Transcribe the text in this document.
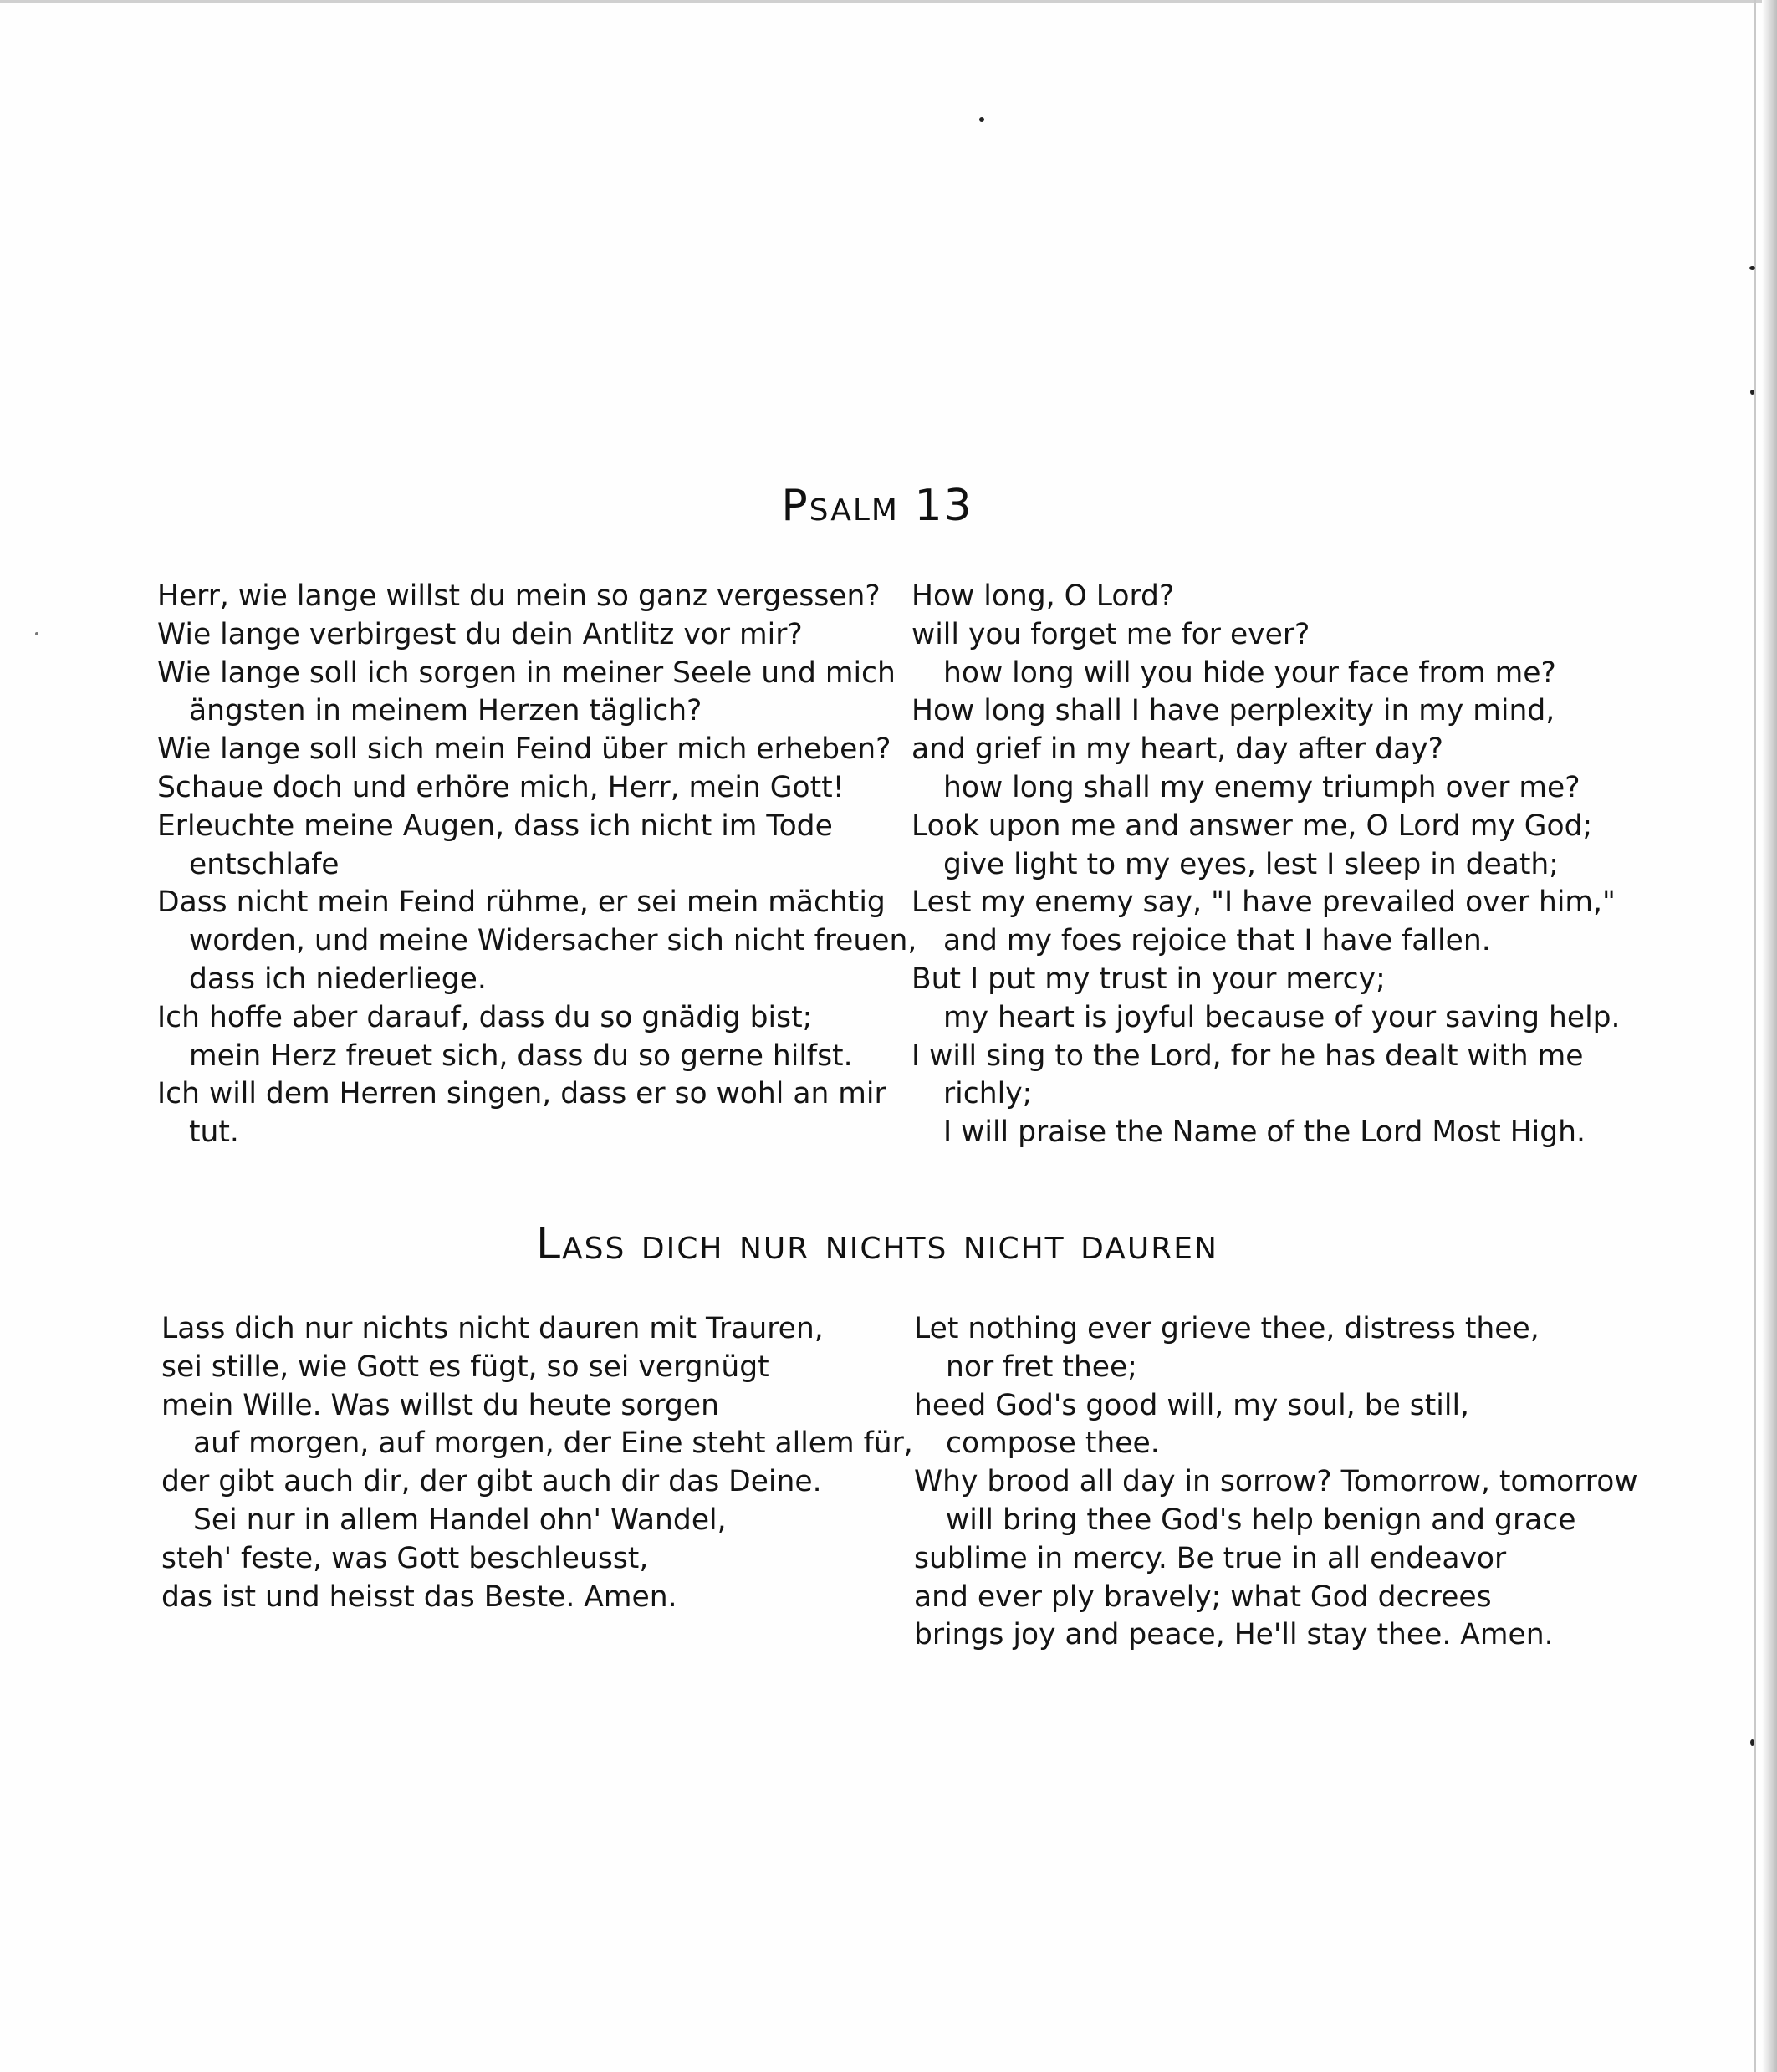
Psalm 13
Herr, wie lange willst du mein so ganz vergessen?
Wie lange verbirgest du dein Antlitz vor mir?
Wie lange soll ich sorgen in meiner Seele und mich
ängsten in meinem Herzen täglich?
Wie lange soll sich mein Feind über mich erheben?
Schaue doch und erhöre mich, Herr, mein Gott!
Erleuchte meine Augen, dass ich nicht im Tode
entschlafe
Dass nicht mein Feind rühme, er sei mein mächtig
worden, und meine Widersacher sich nicht freuen,
dass ich niederliege.
Ich hoffe aber darauf, dass du so gnädig bist;
mein Herz freuet sich, dass du so gerne hilfst.
Ich will dem Herren singen, dass er so wohl an mir
tut.
How long, O Lord?
will you forget me for ever?
how long will you hide your face from me?
How long shall I have perplexity in my mind,
and grief in my heart, day after day?
how long shall my enemy triumph over me?
Look upon me and answer me, O Lord my God;
give light to my eyes, lest I sleep in death;
Lest my enemy say, "I have prevailed over him,"
and my foes rejoice that I have fallen.
But I put my trust in your mercy;
my heart is joyful because of your saving help.
I will sing to the Lord, for he has dealt with me
richly;
I will praise the Name of the Lord Most High.
Lass dich nur nichts nicht dauren
Lass dich nur nichts nicht dauren mit Trauren,
sei stille, wie Gott es fügt, so sei vergnügt
mein Wille. Was willst du heute sorgen
auf morgen, auf morgen, der Eine steht allem für,
der gibt auch dir, der gibt auch dir das Deine.
Sei nur in allem Handel ohn' Wandel,
steh' feste, was Gott beschleusst,
das ist und heisst das Beste. Amen.
Let nothing ever grieve thee, distress thee,
nor fret thee;
heed God's good will, my soul, be still,
compose thee.
Why brood all day in sorrow? Tomorrow, tomorrow
will bring thee God's help benign and grace
sublime in mercy. Be true in all endeavor
and ever ply bravely; what God decrees
brings joy and peace, He'll stay thee. Amen.
